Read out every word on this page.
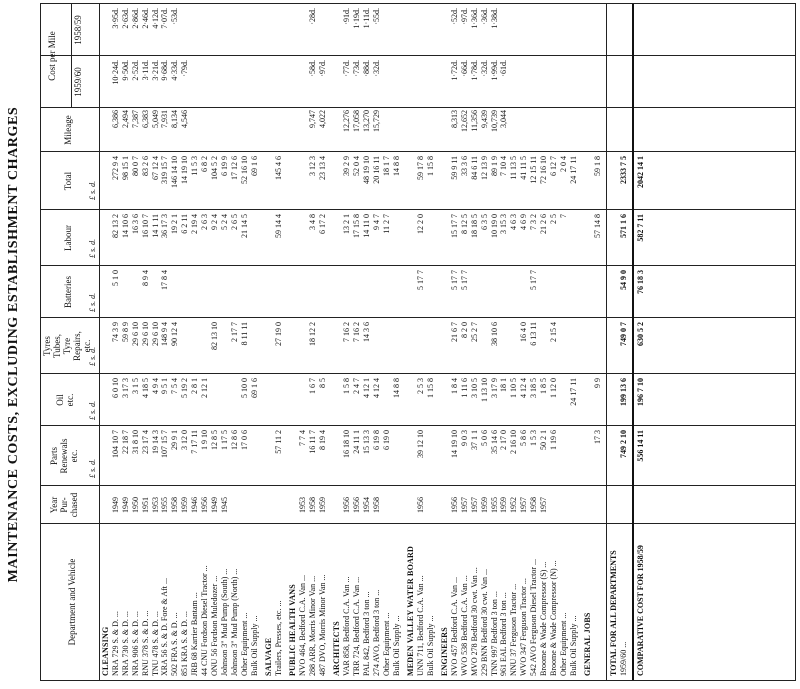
MAINTENANCE COSTS, EXCLUDING ESTABLISHMENT CHARGES
Department and Vehicle
Year Pur- chased
Parts Renewals etc.
Oil etc.
Tyres Tubes, Tyre Repairs, etc.
Batteries
Labour
Total
Mileage
Cost per Mile
1959/60
1958/59
£ s. d.
£ s. d.
£ s. d.
£ s. d.
£ s. d.
£ s. d.
CLEANSING NRA 729 S. & D. ...
1949
104 10 7
6 0 10
74 3 9
5 1 0
82 13 2
272 9 4
6,386
10·24d.
3·95d.
NRA 730 S. & D. ...
1949
22 18 7
3 17 3
59 8 9
14 10 6
98 15 1
2,494
9·50d.
2·63d.
NRA 906 S. & D. ...
1950
31 8 10
3 1 5
29 6 10
16 3 6
80 0 7
7,387
2·52d.
2·86d.
RNU 378 S. & D. ...
1951
23 17 4
4 18 5
29 6 10
8 9 4
16 10 7
83 2 6
6,383
3·11d.
2·46d.
TNU 478 S. & D. ...
1953
19 14 3
4 9 4
29 6 10
14 1 11
67 12 4
5,049
3·21d.
4·12d.
XRA 56 S. & D. Fore & Aft ...
1955
107 15 7
9 5 1
148 9 4
17 8 4
36 17 3
319 15 7
7,931
9·68d.
7·07d.
502 FRA S. & D. ...
1958
29 9 1
7 5 4
90 12 4
19 2 1
146 14 10
8,134
4·33d.
·53d.
851 KRA S. & D. ...
1959
3 12 0
5 19 2
6 2 11
14 19 10
4,546
·79d.
JRB 68 Karrier Bantam ...
1946
7 17 11
2 8 1
2 19 4
11 5 3
44 CNU Fordson Diesel Tractor ...
1956
1 9 10
2 12 1
2 6 3
6 8 2
ONU 56 Fordson Muledozer ...
1949
12 8 5
82 13 10
9 2 4
104 5 2
Johnson 3" Mud Pump (South) ...
1945
1 17 5
5 2 4
6 19 9
Johnson 3" Mud Pump (North) ...
12 8 6
2 17 7
2 6 5
17 12 6
Other Equipment ...
17 0 6
5 10 0
8 11 11
21 14 5
52 16 10
Bulk Oil Supply ...
69 1 6
69 1 6
SALVAGE Trailers, Presses, etc. ...
57 11 2
27 19 0
59 14 4
145 4 6
PUBLIC HEALTH VANS NVO 464, Bedford C.A. Van ...
1953
7 7 4
288 ARR, Morris Minor Van ...
1958
16 11 7
1 6 7
18 12 2
3 4 8
3 12 3
9,747
·58d.
·28d.
487 DVO, Morris Minor Van ...
1959
8 19 4
8 5
6 17 2
23 13 4
4,022
·97d.
ARCHITECTS VAR 858, Bedford C.A. Van ...
1956
16 18 10
1 5 8
7 16 2
13 2 1
39 2 9
12,276
·77d.
·91d.
TRR 724, Bedford C.A. Van ...
1956
24 11 1
2 4 7
7 16 2
17 15 8
52 0 4
17,058
·73d.
1·19d.
PAL 842, Bedford 3 ton ...
1954
15 13 3
4 12 1
14 3 6
14 11 0
48 19 10
13,270
·88d.
1·11d.
274 AVO, Bedford 3 ton ...
1958
6 19 8
4 12 4
9 4 7
20 16 11
15,729
·32d.
·55d.
Other Equipment ...
6 19 0
11 2 7
18 1 7
Bulk Oil Supply ...
14 8 8
14 8 8
MEDEN VALLEY WATER BOARD UNN 711, Bedford C.A. Van ...
1956
39 12 10
2 5 3
5 17 7
12 2 0
59 17 8
Bulk Oil Supply ...
1 15 8
1 15 8
ENGINEERS NVO 457 Bedford C.A. Van ...
1956
14 19 10
1 8 4
21 6 7
5 17 7
15 17 7
59 9 11
8,313
1·72d.
·52d.
WVO 538 Bedford C.A. Van ...
1957
9 0 3
1 11 6
8 2 0
5 17 7
8 12 5
33 3 6
12,652
·66d.
·97d.
MVO 278 Bedford 30 cwt. Van ...
1957
37 1 1
3 10 5
25 2 7
18 18 5
84 6 11
11,356
1·78d.
1·36d.
229 BNN Bedford 30 cwt. Van ...
1959
5 0 6
1 13 10
6 3 5
12 13 9
9,439
·32d.
·36d.
TNN 997 Bedford 3 ton ...
1955
35 14 6
3 17 9
38 10 6
10 19 0
89 1 9
10,739
1·99d.
1·38d.
961 EAL Bedford 3 ton ...
1959
2 17 0
18 1
3 15 3
7 10 4
3,044
·61d.
NNU 37 Ferguson Tractor ...
1952
2 16 10
1 10 5
4 6 3
11 13 5
WVO 347 Ferguson Tractor ...
1957
5 8 6
4 12 4
16 4 0
4 6 9
41 11 5
542 AVO Ferguson Diesel Tractor ...
1958
1 5 3
3 18 5
6 13 11
5 17 7
7 3 2
12 15 11
Broome & Wade Compressor (S) ...
1957
50 2 1
1 8 5
21 2 6
72 16 10
Broome & Wade Compressor (N) ...
1 19 6
1 12 0
2 15 4
2 5
6 12 7
Other Equipment ...
7
2 0 4
Bulk Oil Supply ...
24 17 11
24 17 11
GENERAL JOBS
17 3
9 9
57 14 8
59 1 8
TOTAL FOR ALL DEPARTMENTS 1959/60 ...
749 2 10
199 13 6
749 0 7
54 9 0
571 1 6
2333 7 5
COMPARATIVE COST FOR 1958/59
556 14 11
196 7 10
630 5 2
76 18 3
582 7 11
2042 14 1
